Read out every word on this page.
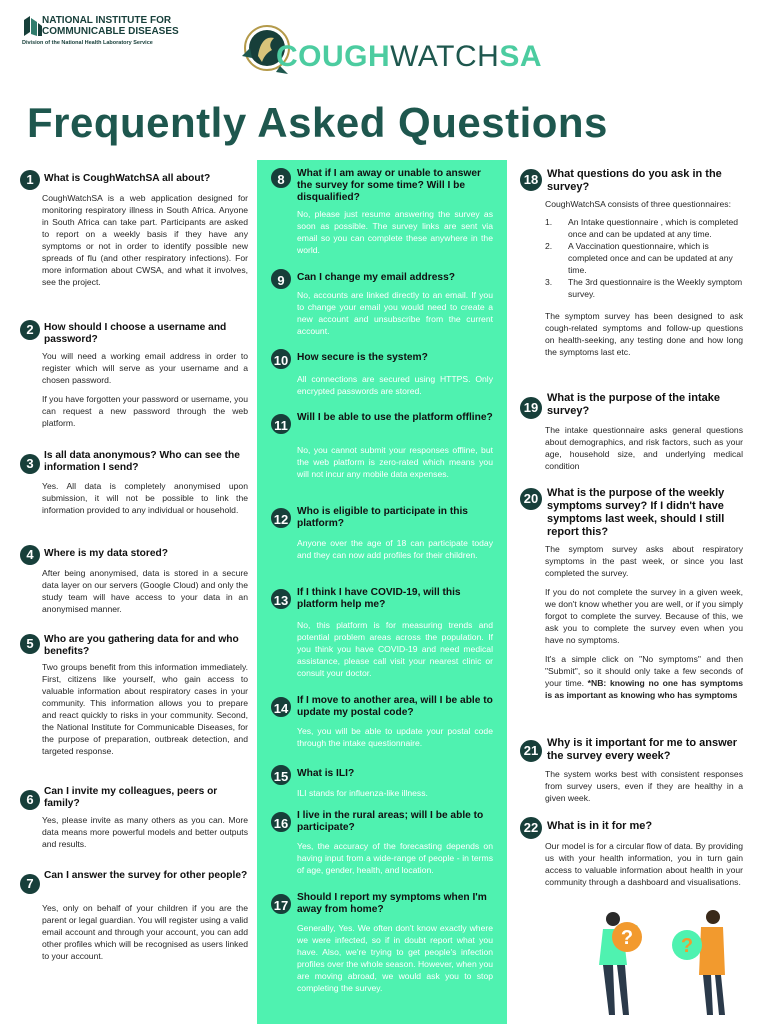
NATIONAL INSTITUTE FOR
COMMUNICABLE DISEASES
Division of the National Health Laboratory Service	COUGHWATCHSA
Frequently Asked Questions
1	What is CoughWatchSA all about?

CoughWatchSA is a web application designed for monitoring respiratory illness in South Africa. Anyone in South Africa can take part. Participants are asked to report on a weekly basis if they have any symptoms or not in order to identify possible new spreads of flu (and other respiratory infections). For more information about CWSA, and what it involves, see the project.

2	How should I choose a username and password?

You will need a working email address in order to register which will serve as your username and a chosen password.

If you have forgotten your password or username, you can request a new password through the web platform.

3
Is all data anonymous? Who can see the information I send?

Yes. All data is completely anonymised upon submission, it will not be possible to link the information provided to any individual or household.

4	Where is my data stored?

After being anonymised, data is stored in a secure data layer on our servers (Google Cloud) and only the study team will have access to your data in an anonymised manner.

5	Who are you gathering data for and who benefits?

Two groups benefit from this information immediately. First, citizens like yourself, who gain access to valuable information about respiratory cases in your community. This information allows you to prepare and react quickly to risks in your community. Second, the National Institute for Communicable Diseases, for the purpose of preparation, outbreak detection, and targeted response.

6
Can I invite my colleagues, peers or family?

Yes, please invite as many others as you can. More data means more powerful models and better outputs and results.

7
Can I answer the survey for other people?

Yes, only on behalf of your children if you are the parent or legal guardian. You will register using a valid email account and through your account, you can add other profiles which will be recognised as users linked to your account.

8	What if I am away or unable to answer the survey for some time? Will I be disqualified?

No, please just resume answering the survey as soon as possible. The survey links are sent via email so you can complete these anywhere in the world.

9	Can I change my email address?

No, accounts are linked directly to an email. If you to change your email you would need to create a new account and unsubscribe from the current account.

10 How secure is the system?

All connections are secured using HTTPS. Only encrypted passwords are stored.

11
Will I be able to use the platform offline?

No, you cannot submit your responses offline, but the web platform is zero-rated which means you will not incur any mobile data expenses.

12
Who is eligible to participate in this platform?

Anyone over the age of 18 can participate today and they can now add profiles for their children.

13
If I think I have COVID-19, will this platform help me?

No, this platform is for measuring trends and potential problem areas across the population. If you think you have COVID-19 and need medical assistance, please call visit your nearest clinic or consult your doctor.

14
If I move to another area, will I be able to update my postal code?

Yes, you will be able to update your postal code through the intake questionnaire.

15 What is ILI?

ILI stands for influenza-like illness.

16
I live in the rural areas; will I be able to participate?

Yes, the accuracy of the forecasting depends on having input from a wide-range of people - in terms of age, gender, health, and location.

17
Should I report my symptoms when I'm away from home?

Generally, Yes. We often don't know exactly where we were infected, so if in doubt report what you have. Also, we're trying to get people's infection profiles over the whole season. However, when you are moving abroad, we would ask you to stop completing the survey.

18 What questions do you ask in the survey?

CoughWatchSA consists of three questionnaires:

1. An Intake questionnaire , which is completed once and can be updated at any time.
2. A Vaccination questionnaire, which is completed once and can be updated at any time.
3. The 3rd questionnaire is the Weekly symptom survey.

The symptom survey has been designed to ask cough-related symptoms and follow-up questions on health-seeking, any testing done and how long the symptoms last etc.

19
What is the purpose of the intake survey?

The intake questionnaire asks general questions about demographics, and risk factors, such as your age, household size, and underlying medical condition

20 What is the purpose of the weekly symptoms survey? If I didn't have symptoms last week, should I still report this?

The symptom survey asks about respiratory symptoms in the past week, or since you last completed the survey.

If you do not complete the survey in a given week, we don't know whether you are well, or if you simply forgot to complete the survey. Because of this, we ask you to complete the survey even when you have no symptoms.

It's a simple click on "No symptoms" and then "Submit", so it should only take a few seconds of your time. *NB: knowing no one has symptoms is as important as knowing who has symptoms

21 Why is it important for me to answer the survey every week?

The system works best with consistent responses from survey users, even if they are healthy in a given week.

22 What is in it for me?

Our model is for a circular flow of data. By providing us with your health information, you in turn gain access to valuable information about health in your community through a dashboard and visualisations.

? ?
